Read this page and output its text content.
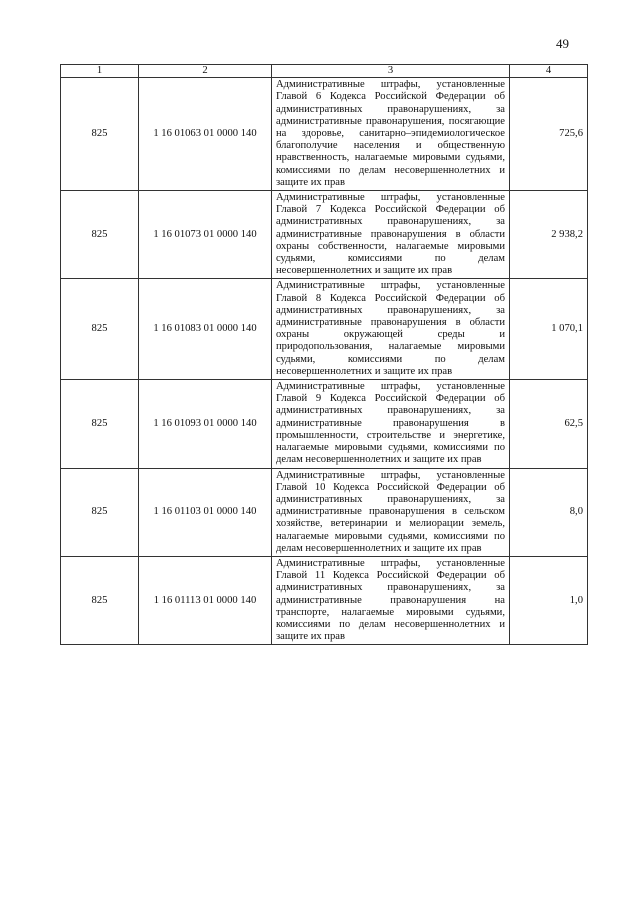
49
1	2	3	4
825	1 16 01063 01 0000 140	Административные штрафы, установленные Главой 6 Кодекса Российской Федерации об административных правонарушениях, за административные правонарушения, посягающие на здоровье, санитарно–эпидемиологическое благополучие населения и общественную нравственность, налагаемые мировыми судьями, комиссиями по делам несовершеннолетних и защите их прав	725,6
825	1 16 01073 01 0000 140	Административные штрафы, установленные Главой 7 Кодекса Российской Федерации об административных правонарушениях, за административные правонарушения в области охраны собственности, налагаемые мировыми судьями, комиссиями по делам несовершеннолетних и защите их прав	2 938,2
825	1 16 01083 01 0000 140	Административные штрафы, установленные Главой 8 Кодекса Российской Федерации об административных правонарушениях, за административные правонарушения в области охраны окружающей среды и природопользования, налагаемые мировыми судьями, комиссиями по делам несовершеннолетних и защите их прав	1 070,1
825	1 16 01093 01 0000 140	Административные штрафы, установленные Главой 9 Кодекса Российской Федерации об административных правонарушениях, за административные правонарушения в промышленности, строительстве и энергетике, налагаемые мировыми судьями, комиссиями по делам несовершеннолетних и защите их прав	62,5
825	1 16 01103 01 0000 140	Административные штрафы, установленные Главой 10 Кодекса Российской Федерации об административных правонарушениях, за административные правонарушения в сельском хозяйстве, ветеринарии и мелиорации земель, налагаемые мировыми судьями, комиссиями по делам несовершеннолетних и защите их прав	8,0
825	1 16 01113 01 0000 140	Административные штрафы, установленные Главой 11 Кодекса Российской Федерации об административных правонарушениях, за административные правонарушения на транспорте, налагаемые мировыми судьями, комиссиями по делам несовершеннолетних и защите их прав	1,0
